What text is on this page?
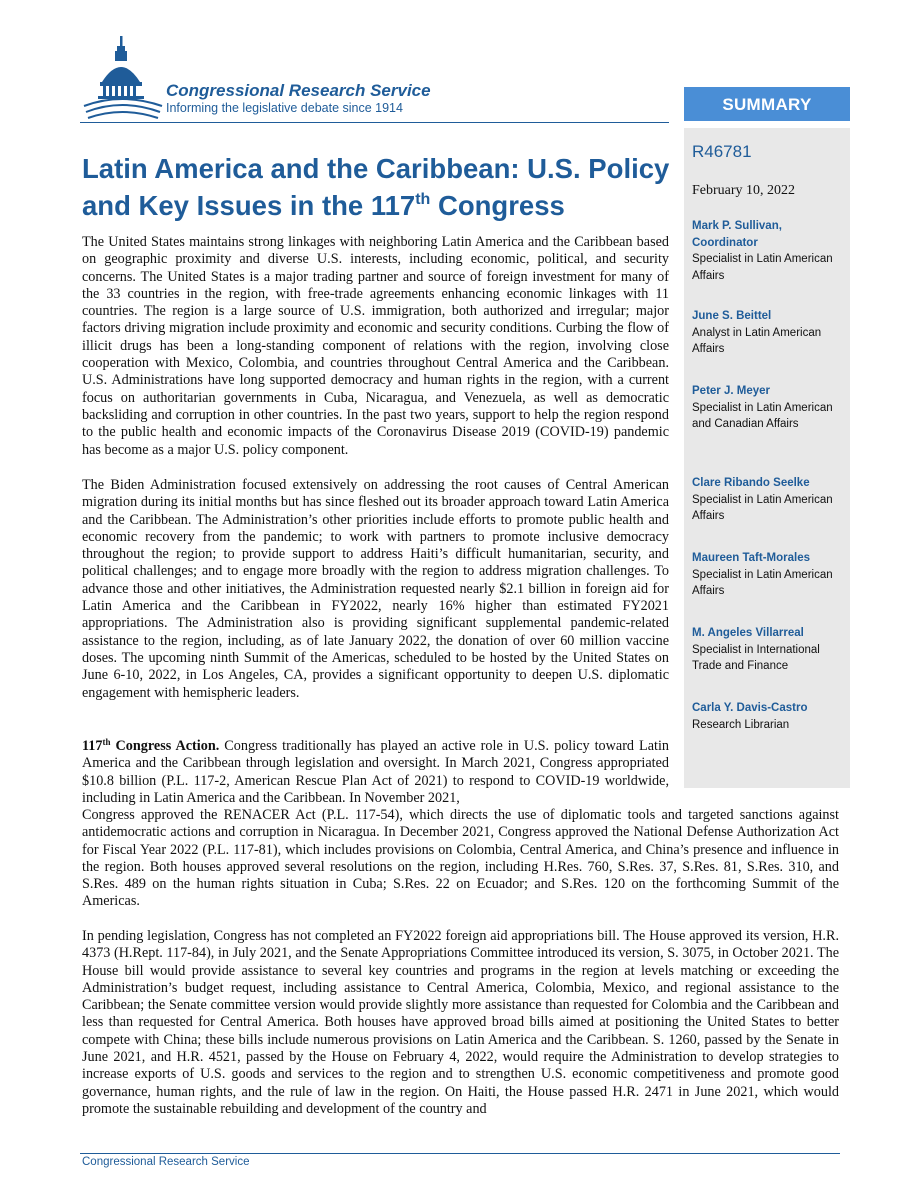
Congressional Research Service
Informing the legislative debate since 1914	SUMMARY
R46781
February 10, 2022
Mark P. Sullivan,
Coordinator
Specialist in Latin American Affairs
June S. Beittel
Analyst in Latin American Affairs
Peter J. Meyer
Specialist in Latin American and Canadian Affairs
Clare Ribando Seelke
Specialist in Latin American Affairs
Maureen Taft-Morales
Specialist in Latin American Affairs
M. Angeles Villarreal
Specialist in International Trade and Finance
Carla Y. Davis-Castro
Research Librarian
Latin America and the Caribbean: U.S. Policy
and Key Issues in the 117th Congress

The United States maintains strong linkages with neighboring Latin America and the Caribbean based on geographic proximity and diverse U.S. interests, including economic, political, and security concerns. The United States is a major trading partner and source of foreign investment for many of the 33 countries in the region, with free-trade agreements enhancing economic linkages with 11 countries. The region is a large source of U.S. immigration, both authorized and irregular; major factors driving migration include proximity and economic and security conditions. Curbing the flow of illicit drugs has been a long-standing component of relations with the region, involving close cooperation with Mexico, Colombia, and countries throughout Central America and the Caribbean. U.S. Administrations have long supported democracy and human rights in the region, with a current focus on authoritarian governments in Cuba, Nicaragua, and Venezuela, as well as democratic backsliding and corruption in other countries. In the past two years, support to help the region respond to the public health and economic impacts of the Coronavirus Disease 2019 (COVID-19) pandemic has become as a major U.S. policy component.

The Biden Administration focused extensively on addressing the root causes of Central American migration during its initial months but has since fleshed out its broader approach toward Latin America and the Caribbean. The Administration’s other priorities include efforts to promote public health and economic recovery from the pandemic; to work with partners to promote inclusive democracy throughout the region; to provide support to address Haiti’s difficult humanitarian, security, and political challenges; and to engage more broadly with the region to address migration challenges. To advance those and other initiatives, the Administration requested nearly $2.1 billion in foreign aid for Latin America and the Caribbean in FY2022, nearly 16% higher than estimated FY2021 appropriations. The Administration also is providing significant supplemental pandemic-related assistance to the region, including, as of late January 2022, the donation of over 60 million vaccine doses. The upcoming ninth Summit of the Americas, scheduled to be hosted by the United States on June 6-10, 2022, in Los Angeles, CA, provides a significant opportunity to deepen U.S. diplomatic engagement with hemispheric leaders.

117th Congress Action. Congress traditionally has played an active role in U.S. policy toward Latin America and the Caribbean through legislation and oversight. In March 2021, Congress appropriated $10.8 billion (P.L. 117-2, American Rescue Plan Act of 2021) to respond to COVID-19 worldwide, including in Latin America and the Caribbean. In November 2021,

Congress approved the RENACER Act (P.L. 117-54), which directs the use of diplomatic tools and targeted sanctions against antidemocratic actions and corruption in Nicaragua. In December 2021, Congress approved the National Defense Authorization Act for Fiscal Year 2022 (P.L. 117-81), which includes provisions on Colombia, Central America, and China’s presence and influence in the region. Both houses approved several resolutions on the region, including H.Res. 760, S.Res. 37, S.Res. 81, S.Res. 310, and S.Res. 489 on the human rights situation in Cuba; S.Res. 22 on Ecuador; and S.Res. 120 on the forthcoming Summit of the Americas.

In pending legislation, Congress has not completed an FY2022 foreign aid appropriations bill. The House approved its version, H.R. 4373 (H.Rept. 117-84), in July 2021, and the Senate Appropriations Committee introduced its version, S. 3075, in October 2021. The House bill would provide assistance to several key countries and programs in the region at levels matching or exceeding the Administration’s budget request, including assistance to Central America, Colombia, Mexico, and regional assistance to the Caribbean; the Senate committee version would provide slightly more assistance than requested for Colombia and the Caribbean and less than requested for Central America. Both houses have approved broad bills aimed at positioning the United States to better compete with China; these bills include numerous provisions on Latin America and the Caribbean. S. 1260, passed by the Senate in June 2021, and H.R. 4521, passed by the House on February 4, 2022, would require the Administration to develop strategies to increase exports of U.S. goods and services to the region and to strengthen U.S. economic competitiveness and promote good governance, human rights, and the rule of law in the region. On Haiti, the House passed H.R. 2471 in June 2021, which would promote the sustainable rebuilding and development of the country and

Congressional Research Service
